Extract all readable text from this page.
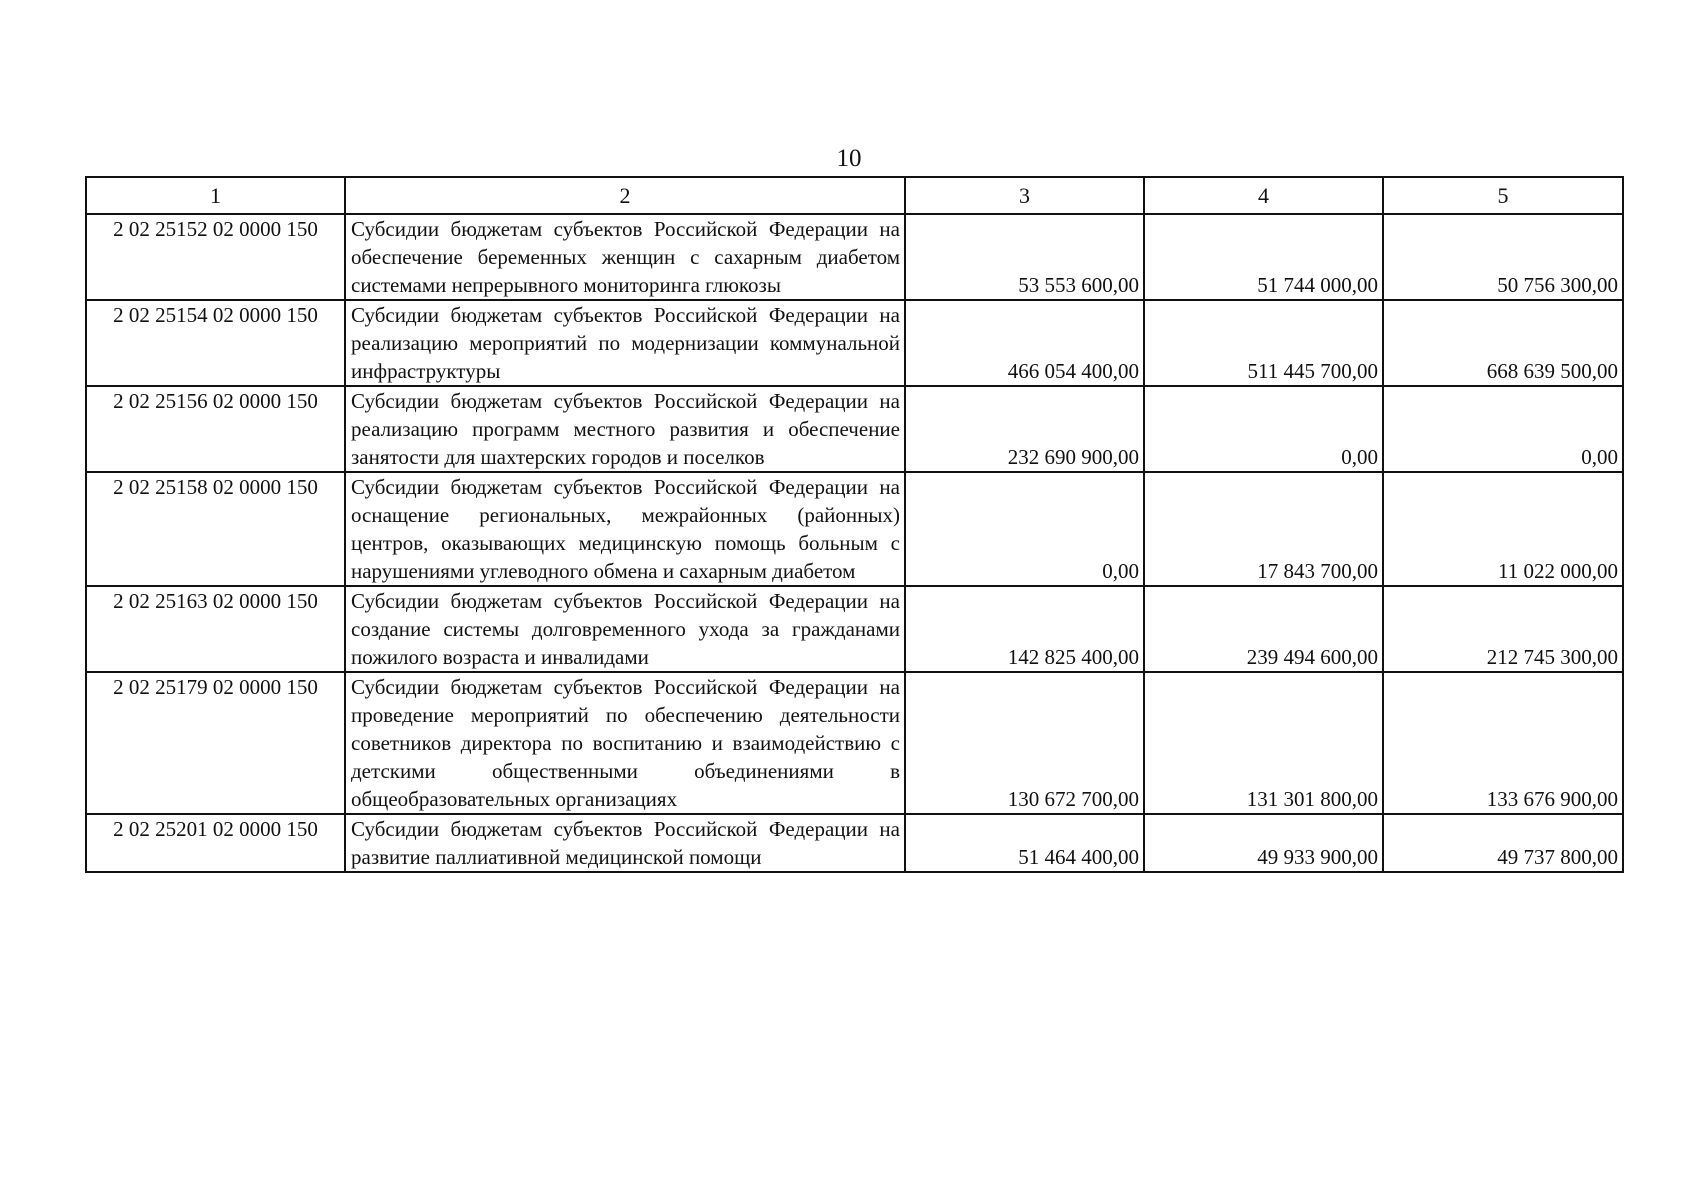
10
1	2	3	4	5
2 02 25152 02 0000 150	Субсидии бюджетам субъектов Российской Федерации на обеспечение беременных женщин с сахарным диабетом системами непрерывного мониторинга глюкозы	53 553 600,00	51 744 000,00	50 756 300,00
2 02 25154 02 0000 150	Субсидии бюджетам субъектов Российской Федерации на реализацию мероприятий по модернизации коммунальной инфраструктуры	466 054 400,00	511 445 700,00	668 639 500,00
2 02 25156 02 0000 150	Субсидии бюджетам субъектов Российской Федерации на реализацию программ местного развития и обеспечение занятости для шахтерских городов и поселков	232 690 900,00	0,00	0,00
2 02 25158 02 0000 150	Субсидии бюджетам субъектов Российской Федерации на оснащение региональных, межрайонных (районных) центров, оказывающих медицинскую помощь больным с нарушениями углеводного обмена и сахарным диабетом	0,00	17 843 700,00	11 022 000,00
2 02 25163 02 0000 150	Субсидии бюджетам субъектов Российской Федерации на создание системы долговременного ухода за гражданами пожилого возраста и инвалидами	142 825 400,00	239 494 600,00	212 745 300,00
2 02 25179 02 0000 150	Субсидии бюджетам субъектов Российской Федерации на проведение мероприятий по обеспечению деятельности советников директора по воспитанию и взаимодействию с детскими общественными объединениями в общеобразовательных организациях	130 672 700,00	131 301 800,00	133 676 900,00
2 02 25201 02 0000 150	Субсидии бюджетам субъектов Российской Федерации на развитие паллиативной медицинской помощи	51 464 400,00	49 933 900,00	49 737 800,00
